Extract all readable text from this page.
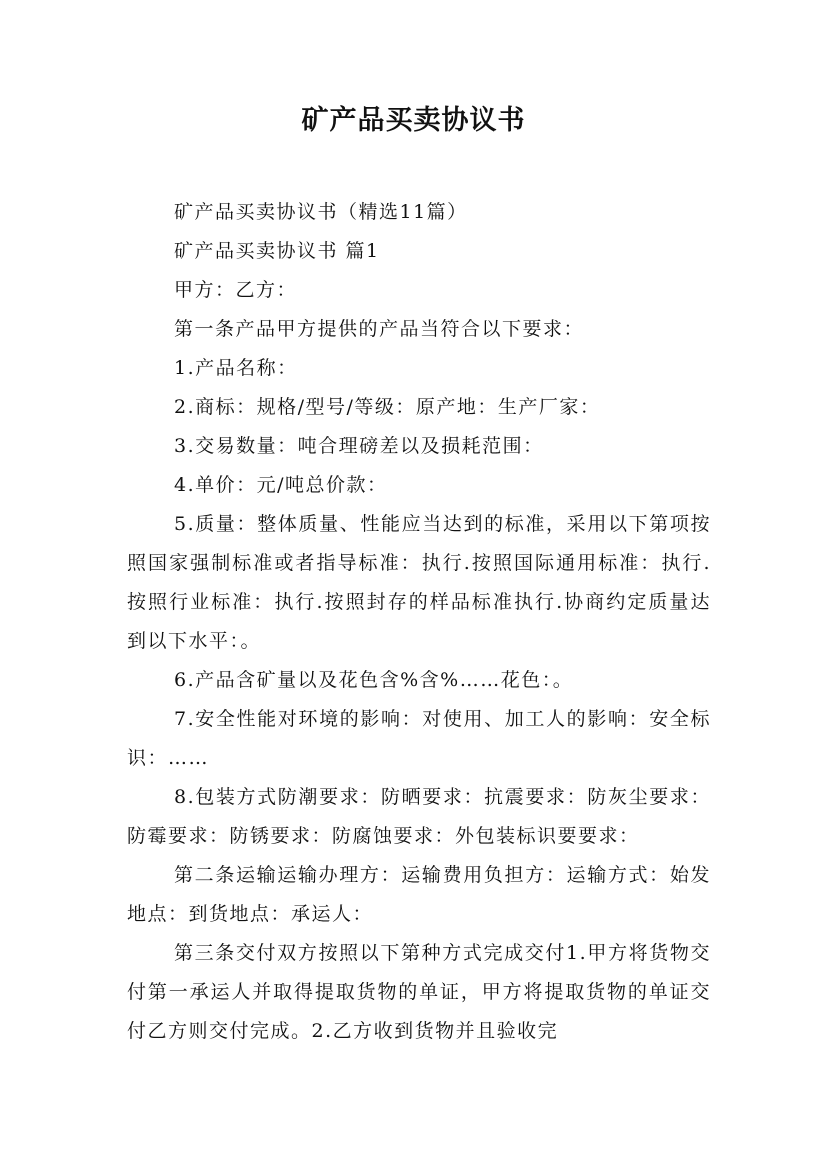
矿产品买卖协议书

矿产品买卖协议书（精选11篇）

矿产品买卖协议书 篇1

甲方：乙方：

第一条产品甲方提供的产品当符合以下要求：

1.产品名称：

2.商标：规格/型号/等级：原产地：生产厂家：

3.交易数量：吨合理磅差以及损耗范围：

4.单价：元/吨总价款：

5.质量：整体质量、性能应当达到的标准，采用以下第项按照国家强制标准或者指导标准：执行.按照国际通用标准：执行.按照行业标准：执行.按照封存的样品标准执行.协商约定质量达到以下水平：。

6.产品含矿量以及花色含%含%……花色：。

7.安全性能对环境的影响：对使用、加工人的影响：安全标识：……

8.包装方式防潮要求：防晒要求：抗震要求：防灰尘要求：防霉要求：防锈要求：防腐蚀要求：外包装标识要要求：

第二条运输运输办理方：运输费用负担方：运输方式：始发地点：到货地点：承运人：

第三条交付双方按照以下第种方式完成交付1.甲方将货物交付第一承运人并取得提取货物的单证，甲方将提取货物的单证交付乙方则交付完成。2.乙方收到货物并且验收完
